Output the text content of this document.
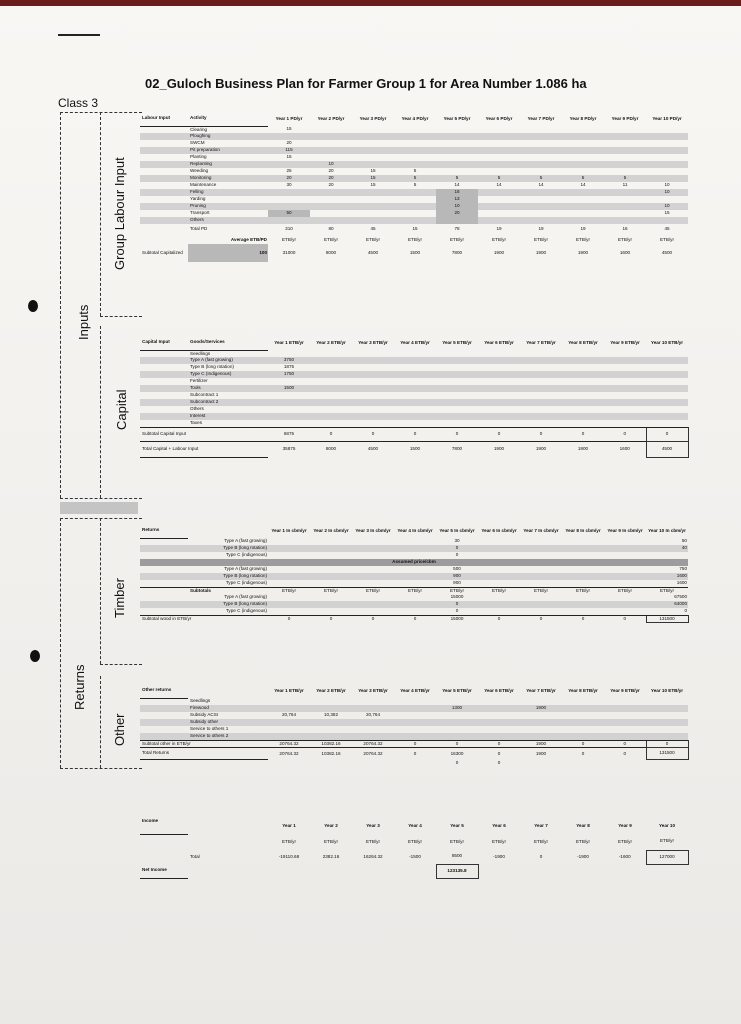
02_Guloch Business Plan for Farmer Group 1 for Area Number 1.086 ha
Class 3
Inputs
Returns
Group Labour Input
Capital
Timber
Other
Labour Input	Activity	Year 1 PD/yr	Year 2 PD/yr	Year 3 PD/yr	Year 4 PD/yr	Year 5 PD/yr	Year 6 PD/yr	Year 7 PD/yr	Year 8 PD/yr	Year 9 PD/yr	Year 10 PD/yr
	Clearing	15									
	Ploughing										
	SWCM	20									
	Pit preparation	115									
	Planting	15									
	Replanting		10								
	Weeding	25	20	15	5						
	Monitoring	20	20	15	5	5	5	5	5	5	
	Maintenance	30	20	15	5	14	14	14	14	11	10
	Felling					16					10
	Yarding					13					
	Pruning					10					10
	Transport	50				20					15
	Others										
	Total PD	310	80	45	15	78	19	19	19	16	45
	Average ETB/PD	ETB/yr	ETB/yr	ETB/yr	ETB/yr	ETB/yr	ETB/yr	ETB/yr	ETB/yr	ETB/yr	ETB/yr
Subtotal Capitalized	100	31000	8000	4500	1500	7800	1900	1900	1900	1600	4500
Capital Input	Goods/Services	Year 1 ETB/yr	Year 2 ETB/yr	Year 3 ETB/yr	Year 4 ETB/yr	Year 5 ETB/yr	Year 6 ETB/yr	Year 7 ETB/yr	Year 8 ETB/yr	Year 9 ETB/yr	Year 10 ETB/yr
	Seedlings										
	Type A (fast growing)	3750									
	Type B (long rotation)	1875									
	Type C (Indigenous)	1750									
	Fertilizer										
	Tools	1500									
	Subcontract 1										
	Subcontract 2										
	Others										
	Interest										
	Taxes										
Subtotal Capital Input		6875	0	0	0	0	0	0	0	0	0
Total Capital + Labour Input		35875	8000	4500	1500	7800	1900	1900	1900	1600	4500
Returns		Year 1 In cbm/yr	Year 2 In cbm/yr	Year 3 In cbm/yr	Year 4 In cbm/yr	Year 5 In cbm/yr	Year 6 In cbm/yr	Year 7 In cbm/yr	Year 8 In cbm/yr	Year 9 In cbm/yr	Year 10 In cbm/yr
	Type A (fast growing)					30					50
	Type B (long rotation)					0					40
	Type C (indigenous)					0					
Assumed price/cbm											
	Type A (fast growing)					500					750
	Type B (long rotation)					900					1600
	Type C (indigenous)					900					1600
	Subtotals	ETB/yr	ETB/yr	ETB/yr	ETB/yr	ETB/yr	ETB/yr	ETB/yr	ETB/yr	ETB/yr	ETB/yr
	Type A (fast growing)					15000					67500
	Type B (long rotation)					0					64000
	Type C (indigenous)					0					0
Subtotal wood in ETB/yr		0	0	0	0	15000	0	0	0	0	131500
Other returns		Year 1 ETB/yr	Year 2 ETB/yr	Year 3 ETB/yr	Year 4 ETB/yr	Year 5 ETB/yr	Year 6 ETB/yr	Year 7 ETB/yr	Year 8 ETB/yr	Year 9 ETB/yr	Year 10 ETB/yr
	Seedlings										
	Firewood					1300		1900			
	Subsidy ACSI	20,764	10,382	20,764							
	Subsidy other										
	Service to others 1										
	Service to others 2										
Subtotal other in ETB/yr		20764.32	10382.16	20764.32	0	0	0	1900	0	0	0
Total Returns		20764.32	10382.16	20764.32	0	16300	0	1900	0	0	131500
						0	0				
Income		Year 1	Year 2	Year 3	Year 4	Year 5	Year 6	Year 7	Year 8	Year 9	Year 10
		ETB/yr	ETB/yr	ETB/yr	ETB/yr	ETB/yr	ETB/yr	ETB/yr	ETB/yr	ETB/yr	ETB/yr
	Total	-19110.68	2382.16	16264.32	-1500	8500	-1900	0	-1900	-1600	127000
Net Income						123135.8					
